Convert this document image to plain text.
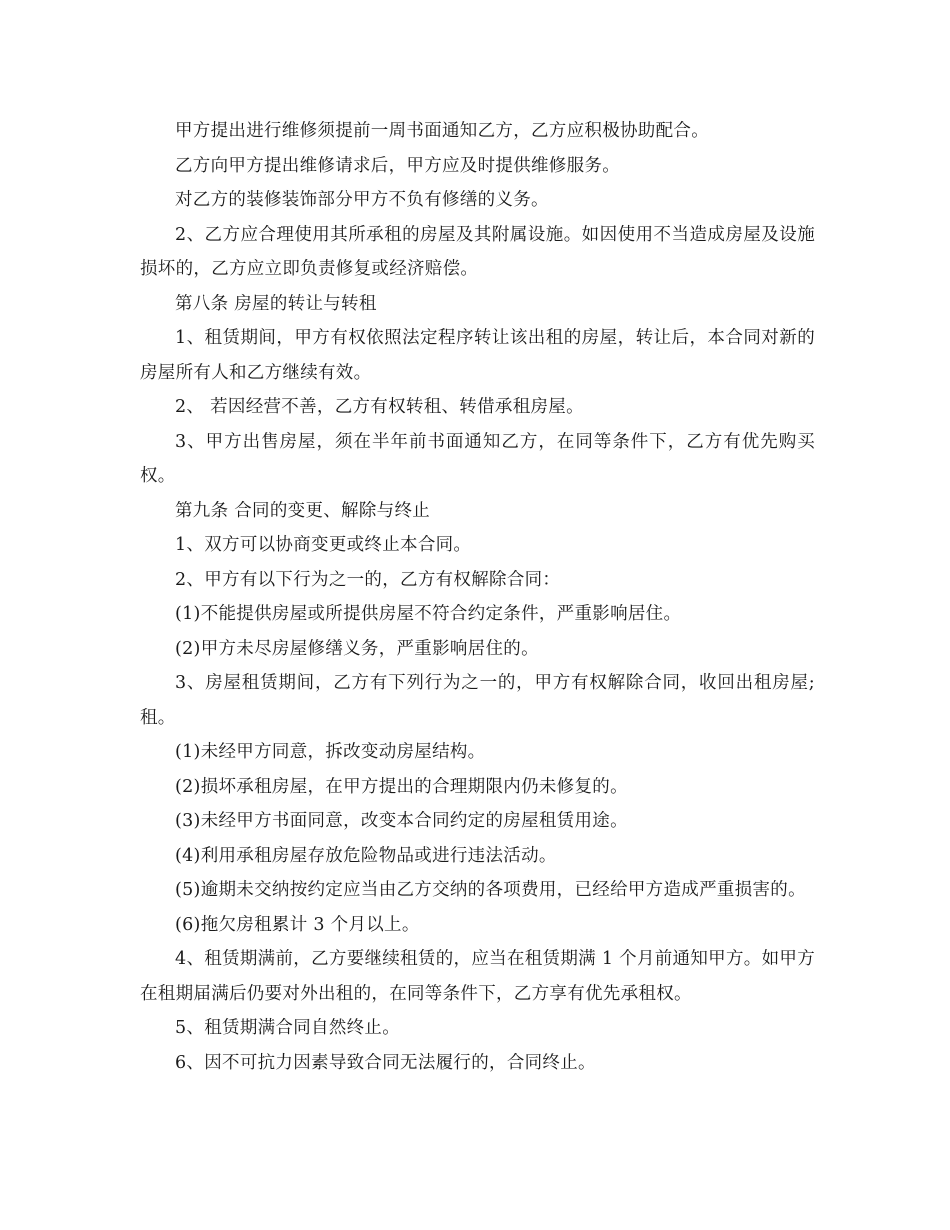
甲方提出进行维修须提前一周书面通知乙方，乙方应积极协助配合。

乙方向甲方提出维修请求后，甲方应及时提供维修服务。

对乙方的装修装饰部分甲方不负有修缮的义务。

2、乙方应合理使用其所承租的房屋及其附属设施。如因使用不当造成房屋及设施损坏的，乙方应立即负责修复或经济赔偿。

第八条 房屋的转让与转租

1、租赁期间，甲方有权依照法定程序转让该出租的房屋，转让后，本合同对新的房屋所有人和乙方继续有效。

2、 若因经营不善，乙方有权转租、转借承租房屋。

3、甲方出售房屋，须在半年前书面通知乙方，在同等条件下，乙方有优先购买权。

第九条 合同的变更、解除与终止

1、双方可以协商变更或终止本合同。

2、甲方有以下行为之一的，乙方有权解除合同：

(1)不能提供房屋或所提供房屋不符合约定条件，严重影响居住。

(2)甲方未尽房屋修缮义务，严重影响居住的。

3、房屋租赁期间，乙方有下列行为之一的，甲方有权解除合同，收回出租房屋;租。

(1)未经甲方同意，拆改变动房屋结构。

(2)损坏承租房屋，在甲方提出的合理期限内仍未修复的。

(3)未经甲方书面同意，改变本合同约定的房屋租赁用途。

(4)利用承租房屋存放危险物品或进行违法活动。

(5)逾期未交纳按约定应当由乙方交纳的各项费用，已经给甲方造成严重损害的。

(6)拖欠房租累计 3 个月以上。

4、租赁期满前，乙方要继续租赁的，应当在租赁期满 1 个月前通知甲方。如甲方在租期届满后仍要对外出租的，在同等条件下，乙方享有优先承租权。

5、租赁期满合同自然终止。

6、因不可抗力因素导致合同无法履行的，合同终止。
